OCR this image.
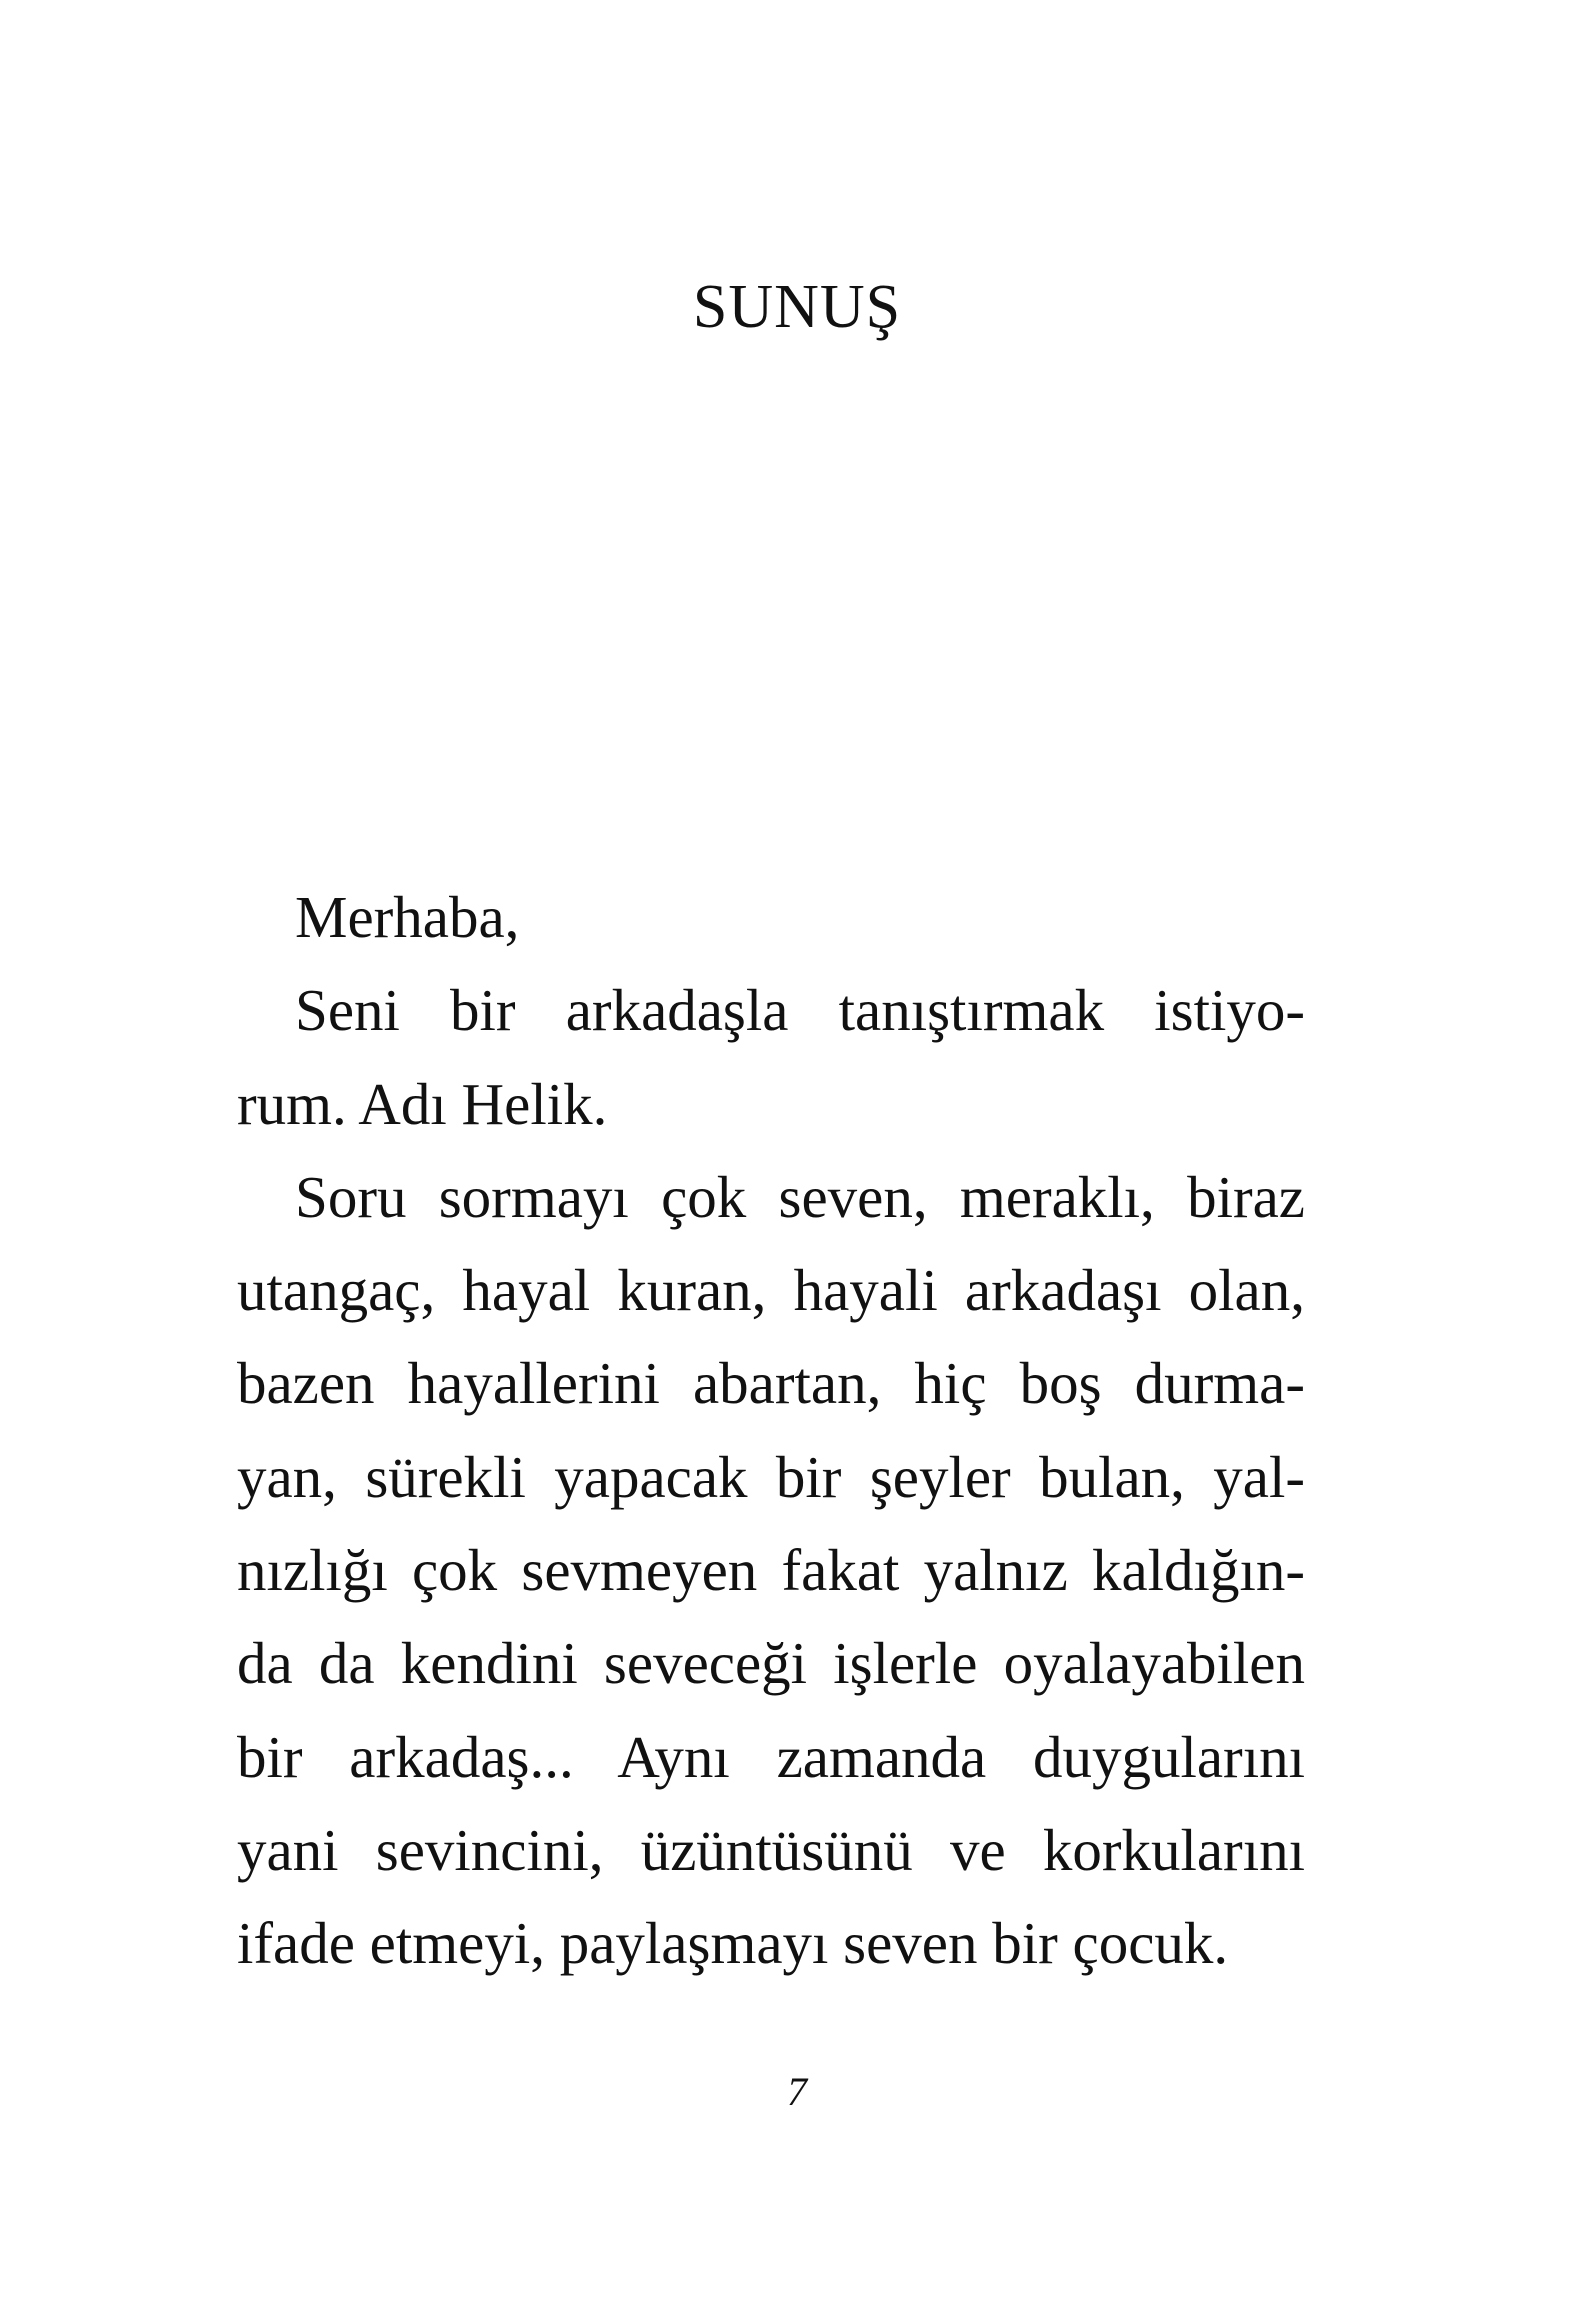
SUNUŞ
Merhaba,
Seni bir arkadaşla tanıştırmak istiyo-
rum. Adı Helik.
Soru sormayı çok seven, meraklı, biraz
utangaç, hayal kuran, hayali arkadaşı olan,
bazen hayallerini abartan, hiç boş durma-
yan, sürekli yapacak bir şeyler bulan, yal-
nızlığı çok sevmeyen fakat yalnız kaldığın-
da da kendini seveceği işlerle oyalayabilen
bir arkadaş... Aynı zamanda duygularını
yani sevincini, üzüntüsünü ve korkularını
ifade etmeyi, paylaşmayı seven bir çocuk.
7
